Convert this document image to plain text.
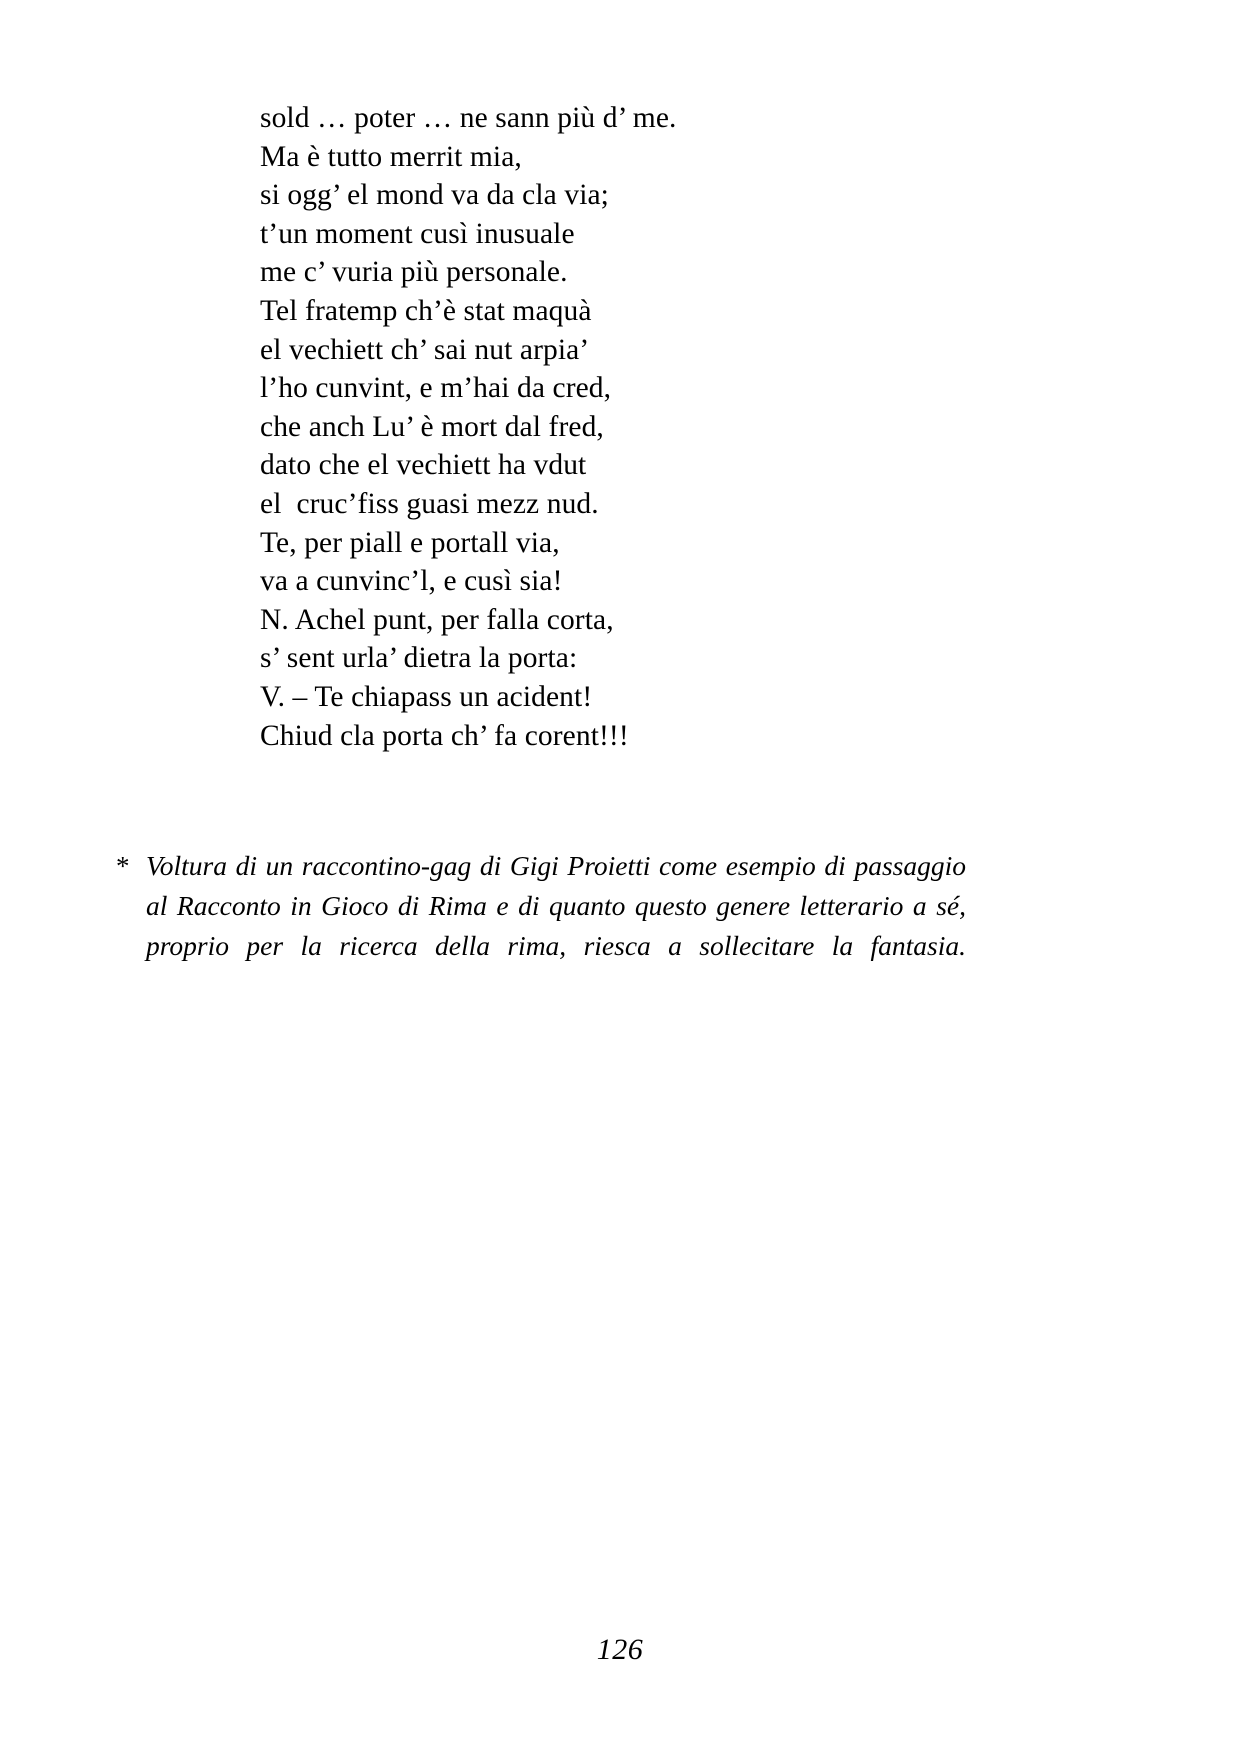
sold … poter … ne sann più d’ me.
Ma è tutto merrit mia,
si ogg’ el mond va da cla via;
t’un moment cusì inusuale
me c’ vuria più personale.
Tel fratemp ch’è stat maquà
el vechiett ch’ sai nut arpia’
l’ho cunvint, e m’hai da cred,
che anch Lu’ è mort dal fred,
dato che el vechiett ha vdut
el  cruc’fiss guasi mezz nud.
Te, per piall e portall via,
va a cunvinc’l, e cusì sia!
N. Achel punt, per falla corta,
s’ sent urla’ dietra la porta:
V. – Te chiapass un acident!
Chiud cla porta ch’ fa corent!!!
* Voltura di un raccontino-gag di Gigi Proietti come esempio di passaggio al Racconto in Gioco di Rima e di quanto questo genere letterario a sé, proprio per la ricerca della rima, riesca a sollecitare la fantasia.
126
